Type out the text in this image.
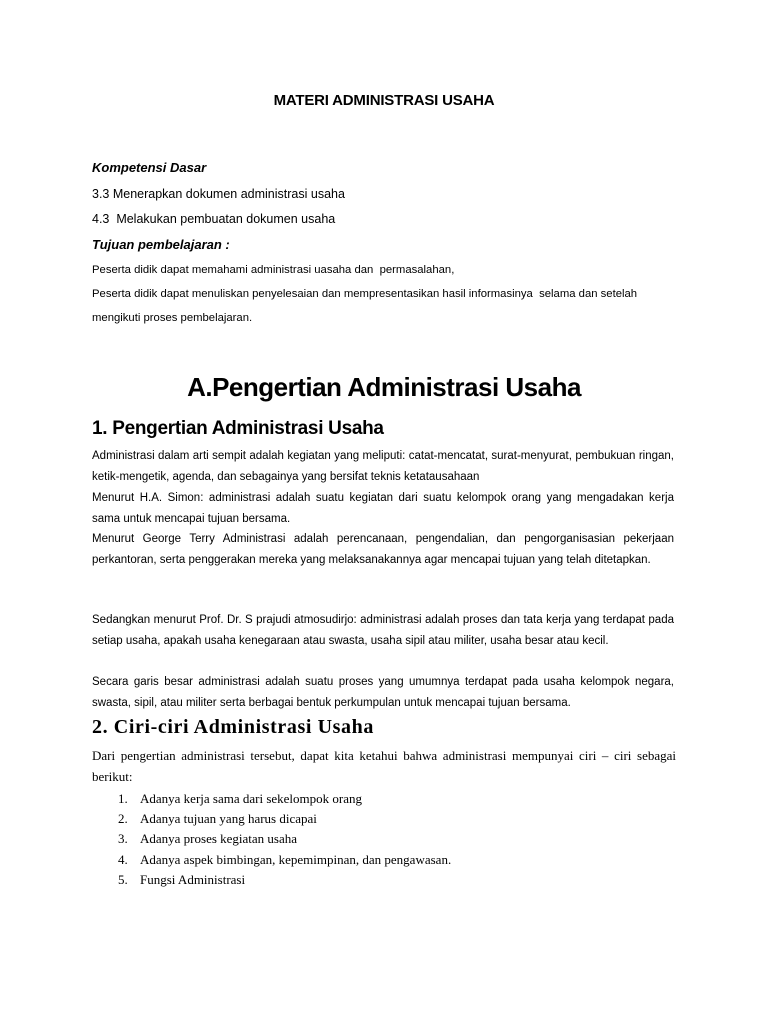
MATERI ADMINISTRASI USAHA
Kompetensi Dasar
3.3 Menerapkan dokumen administrasi usaha
4.3  Melakukan pembuatan dokumen usaha
Tujuan pembelajaran :
Peserta didik dapat memahami administrasi uasaha dan  permasalahan,
Peserta didik dapat menuliskan penyelesaian dan mempresentasikan hasil informasinya  selama dan setelah
mengikuti proses pembelajaran.
A.Pengertian Administrasi Usaha
1. Pengertian Administrasi Usaha
Administrasi dalam arti sempit adalah kegiatan yang meliputi: catat-mencatat, surat-menyurat, pembukuan ringan, ketik-mengetik, agenda, dan sebagainya yang bersifat teknis ketatausahaan
Menurut H.A. Simon: administrasi adalah suatu kegiatan dari suatu kelompok orang yang mengadakan kerja sama untuk mencapai tujuan bersama.
Menurut George Terry Administrasi adalah perencanaan, pengendalian, dan pengorganisasian pekerjaan perkantoran, serta penggerakan mereka yang melaksanakannya agar mencapai tujuan yang telah ditetapkan.
Sedangkan menurut Prof. Dr. S prajudi atmosudirjo: administrasi adalah proses dan tata kerja yang terdapat pada setiap usaha, apakah usaha kenegaraan atau swasta, usaha sipil atau militer, usaha besar atau kecil.
Secara garis besar administrasi adalah suatu proses yang umumnya terdapat pada usaha kelompok negara, swasta, sipil, atau militer serta berbagai bentuk perkumpulan untuk mencapai tujuan bersama.
2. Ciri-ciri Administrasi Usaha
Dari pengertian administrasi tersebut, dapat kita ketahui bahwa administrasi mempunyai ciri – ciri sebagai berikut:
1. Adanya kerja sama dari sekelompok orang
2. Adanya tujuan yang harus dicapai
3. Adanya proses kegiatan usaha
4. Adanya aspek bimbingan, kepemimpinan, dan pengawasan.
5. Fungsi Administrasi
